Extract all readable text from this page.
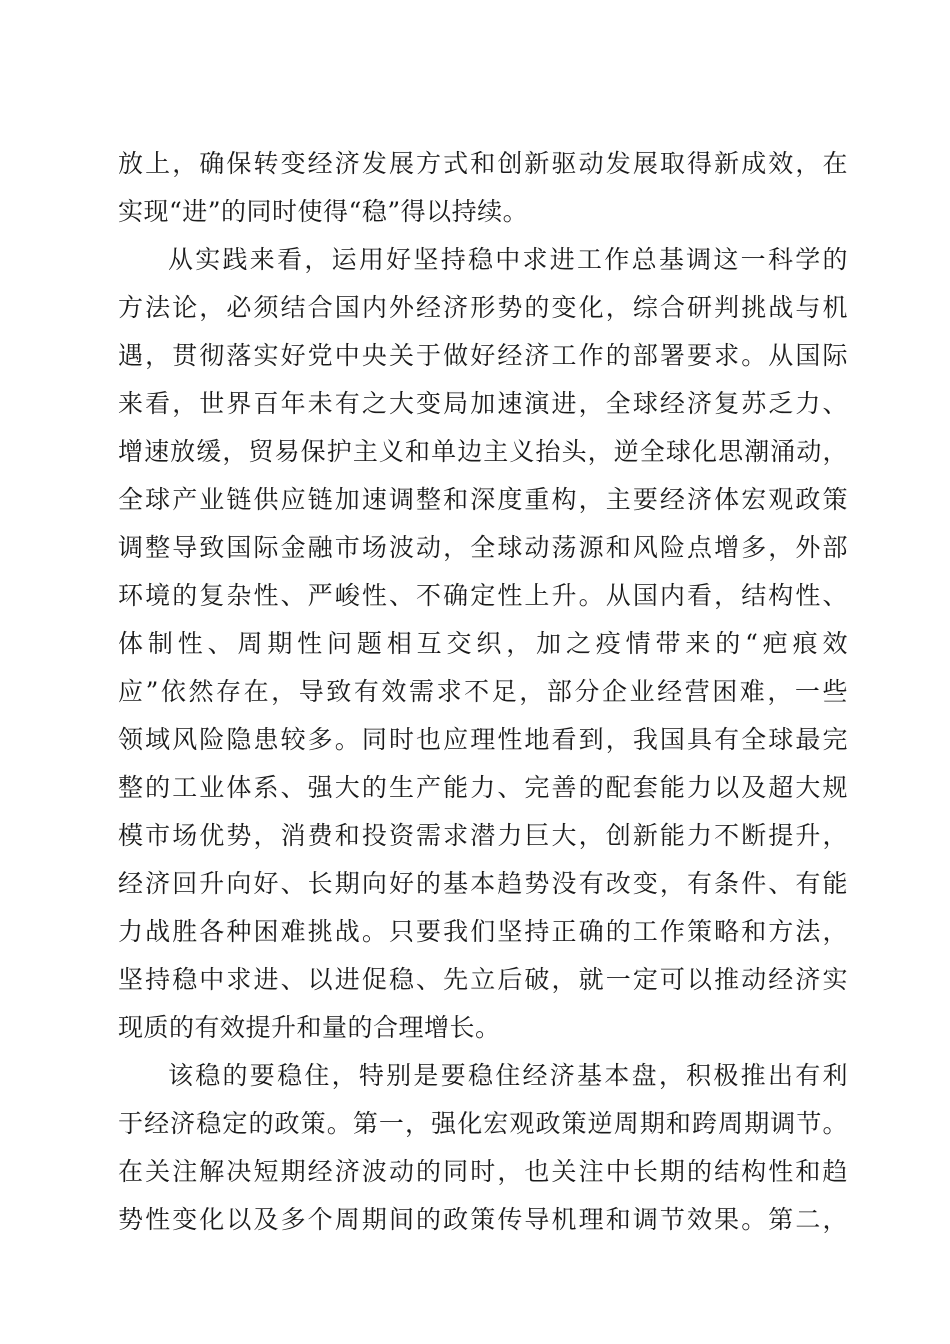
放上，确保转变经济发展方式和创新驱动发展取得新成效，在
实现“进”的同时使得“稳”得以持续。
从实践来看，运用好坚持稳中求进工作总基调这一科学的
方法论，必须结合国内外经济形势的变化，综合研判挑战与机
遇，贯彻落实好党中央关于做好经济工作的部署要求。从国际
来看，世界百年未有之大变局加速演进，全球经济复苏乏力、
增速放缓，贸易保护主义和单边主义抬头，逆全球化思潮涌动，
全球产业链供应链加速调整和深度重构，主要经济体宏观政策
调整导致国际金融市场波动，全球动荡源和风险点增多，外部
环境的复杂性、严峻性、不确定性上升。从国内看，结构性、
体制性、周期性问题相互交织，加之疫情带来的“疤痕效
应”依然存在，导致有效需求不足，部分企业经营困难，一些
领域风险隐患较多。同时也应理性地看到，我国具有全球最完
整的工业体系、强大的生产能力、完善的配套能力以及超大规
模市场优势，消费和投资需求潜力巨大，创新能力不断提升，
经济回升向好、长期向好的基本趋势没有改变，有条件、有能
力战胜各种困难挑战。只要我们坚持正确的工作策略和方法，
坚持稳中求进、以进促稳、先立后破，就一定可以推动经济实
现质的有效提升和量的合理增长。
该稳的要稳住，特别是要稳住经济基本盘，积极推出有利
于经济稳定的政策。第一，强化宏观政策逆周期和跨周期调节。
在关注解决短期经济波动的同时，也关注中长期的结构性和趋
势性变化以及多个周期间的政策传导机理和调节效果。第二，
